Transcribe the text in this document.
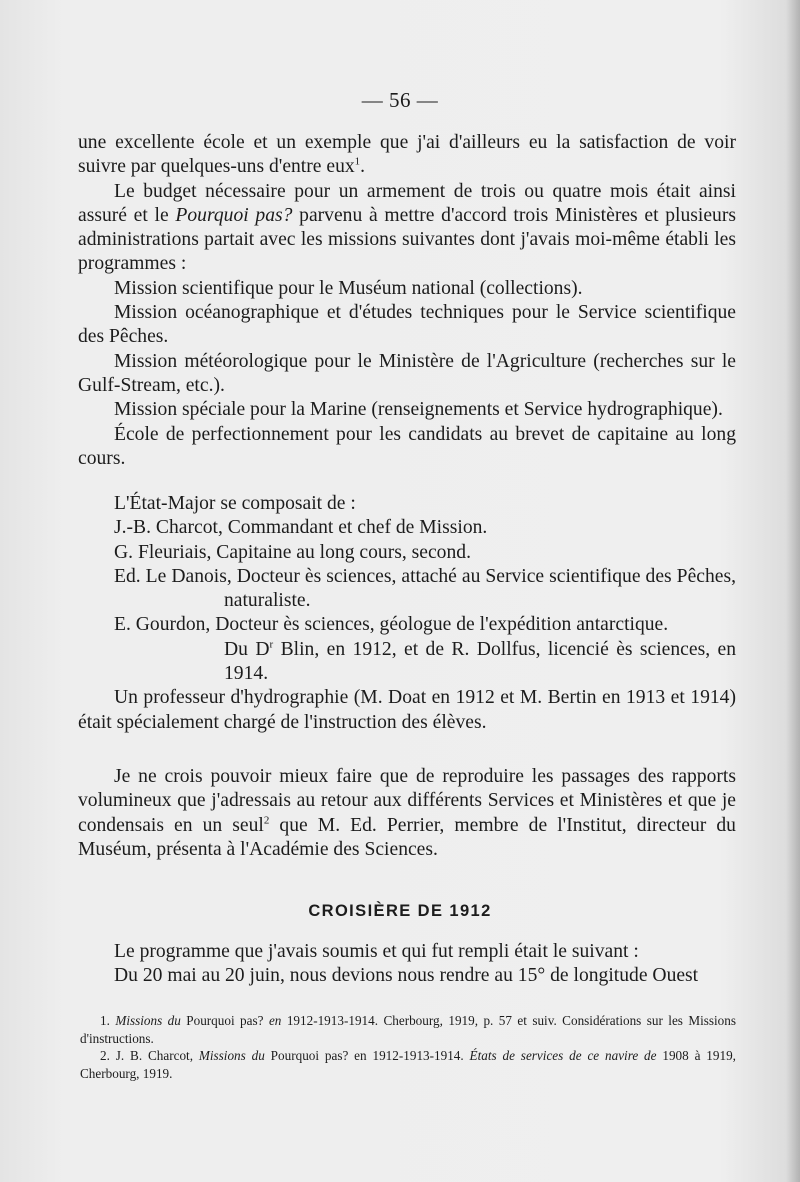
— 56 —

une excellente école et un exemple que j'ai d'ailleurs eu la satisfaction de voir suivre par quelques-uns d'entre eux$^1$.

Le budget nécessaire pour un armement de trois ou quatre mois était ainsi assuré et le Pourquoi pas? parvenu à mettre d'accord trois Ministères et plusieurs administrations partait avec les missions suivantes dont j'avais moi-même établi les programmes :

Mission scientifique pour le Muséum national (collections).

Mission océanographique et d'études techniques pour le Service scientifique des Pêches.

Mission météorologique pour le Ministère de l'Agriculture (recherches sur le Gulf-Stream, etc.).

Mission spéciale pour la Marine (renseignements et Service hydrographique).

École de perfectionnement pour les candidats au brevet de capitaine au long cours.

L'État-Major se composait de :

J.-B. Charcot, Commandant et chef de Mission.

G. Fleuriais, Capitaine au long cours, second.

Ed. Le Danois, Docteur ès sciences, attaché au Service scientifique des Pêches, naturaliste.

E. Gourdon, Docteur ès sciences, géologue de l'expédition antarctique.

Du $D^r$ Blin, en 1912, et de R. Dollfus, licencié ès sciences, en 1914.

Un professeur d'hydrographie (M. Doat en 1912 et M. Bertin en 1913 et 1914) était spécialement chargé de l'instruction des élèves.

Je ne crois pouvoir mieux faire que de reproduire les passages des rapports volumineux que j'adressais au retour aux différents Services et Ministères et que je condensais en un seul$^2$ que M. Ed. Perrier, membre de l'Institut, directeur du Muséum, présenta à l'Académie des Sciences.

CROISIÈRE DE 1912

Le programme que j'avais soumis et qui fut rempli était le suivant :

Du 20 mai au 20 juin, nous devions nous rendre au 15° de longitude Ouest

1. Missions du Pourquoi pas? en 1912-1913-1914. Cherbourg, 1919, p. 57 et suiv. Considérations sur les Missions d'instructions.

2. J. B. Charcot, Missions du Pourquoi pas? en 1912-1913-1914. États de services de ce navire de 1908 à 1919, Cherbourg, 1919.
